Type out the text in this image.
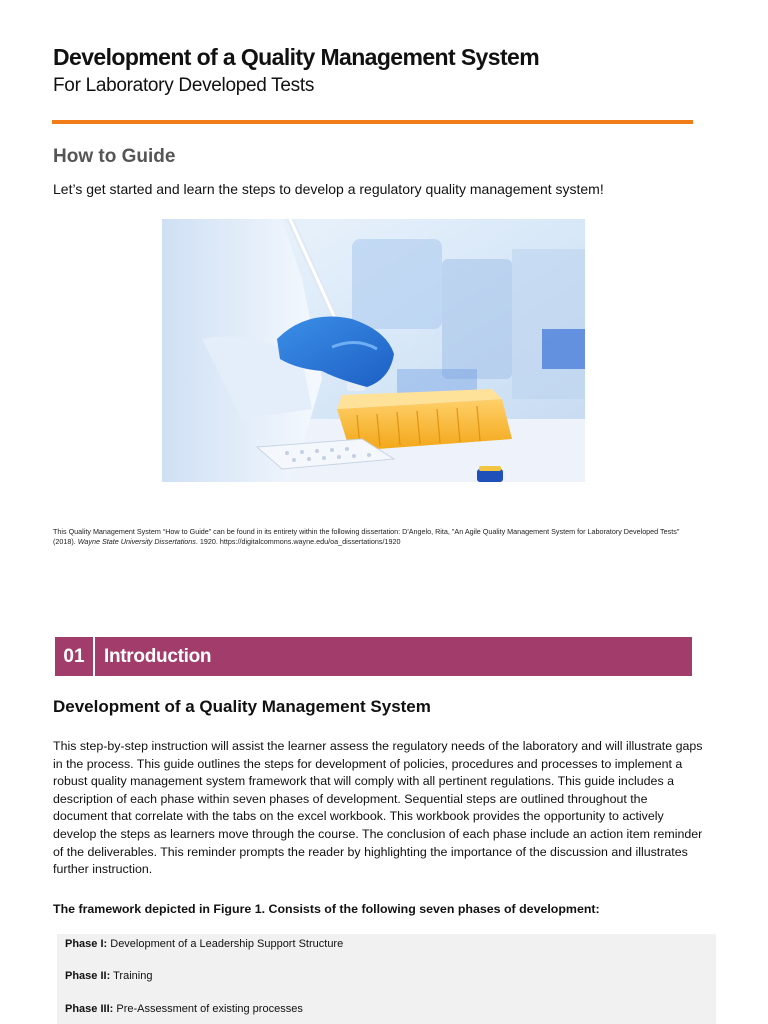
Development of a Quality Management System

For Laboratory Developed Tests

How to Guide

Let’s get started and learn the steps to develop a regulatory quality management system!

This Quality Management System “How to Guide” can be found in its entirety within the following dissertation: D'Angelo, Rita, "An Agile Quality Management System for Laboratory Developed Tests" (2018). Wayne State University Dissertations. 1920. https://digitalcommons.wayne.edu/oa_dissertations/1920

01	Introduction
Development of a Quality Management System

This step-by-step instruction will assist the learner assess the regulatory needs of the laboratory and will illustrate gaps in the process. This guide outlines the steps for development of policies, procedures and processes to implement a robust quality management system framework that will comply with all pertinent regulations. This guide includes a description of each phase within seven phases of development. Sequential steps are outlined throughout the document that correlate with the tabs on the excel workbook. This workbook provides the opportunity to actively develop the steps as learners move through the course. The conclusion of each phase include an action item reminder of the deliverables. This reminder prompts the reader by highlighting the importance of the discussion and illustrates further instruction.

The framework depicted in Figure 1. Consists of the following seven phases of development:

Phase I: Development of a Leadership Support Structure
Phase II: Training
Phase III: Pre-Assessment of existing processes
